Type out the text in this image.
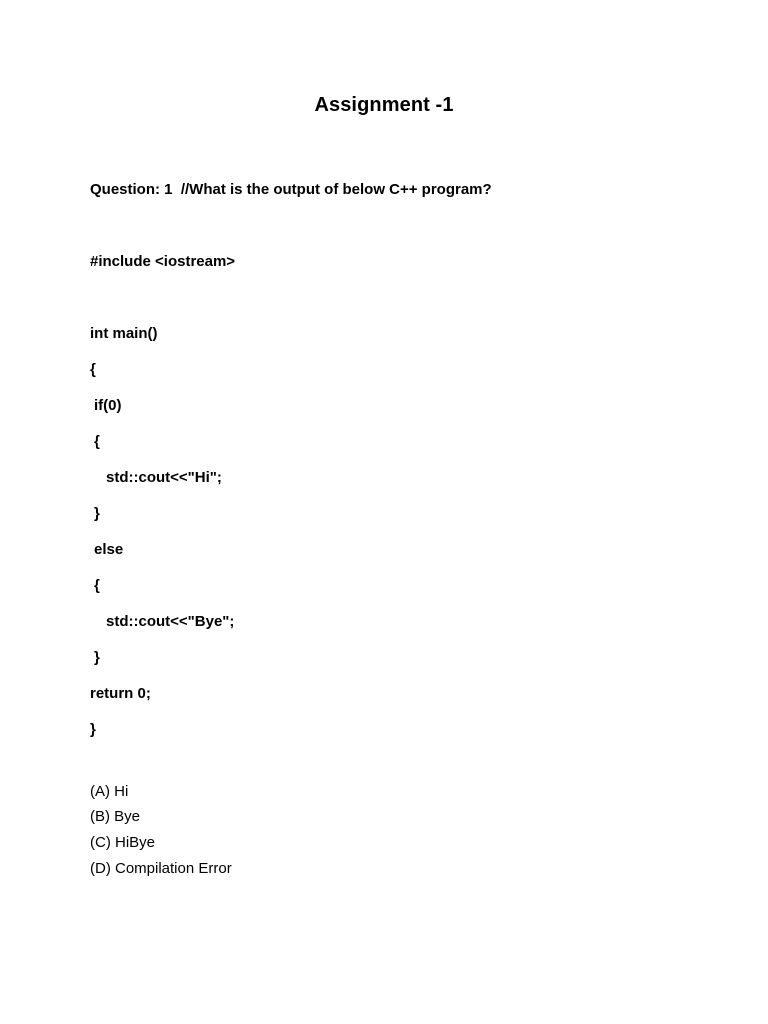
Assignment -1
Question: 1  //What is the output of below C++ program?
#include <iostream>
int main()
{
if(0)
{
std::cout<<"Hi";
}
else
{
std::cout<<"Bye";
}
return 0;
}
(A) Hi
(B) Bye
(C) HiBye
(D) Compilation Error
